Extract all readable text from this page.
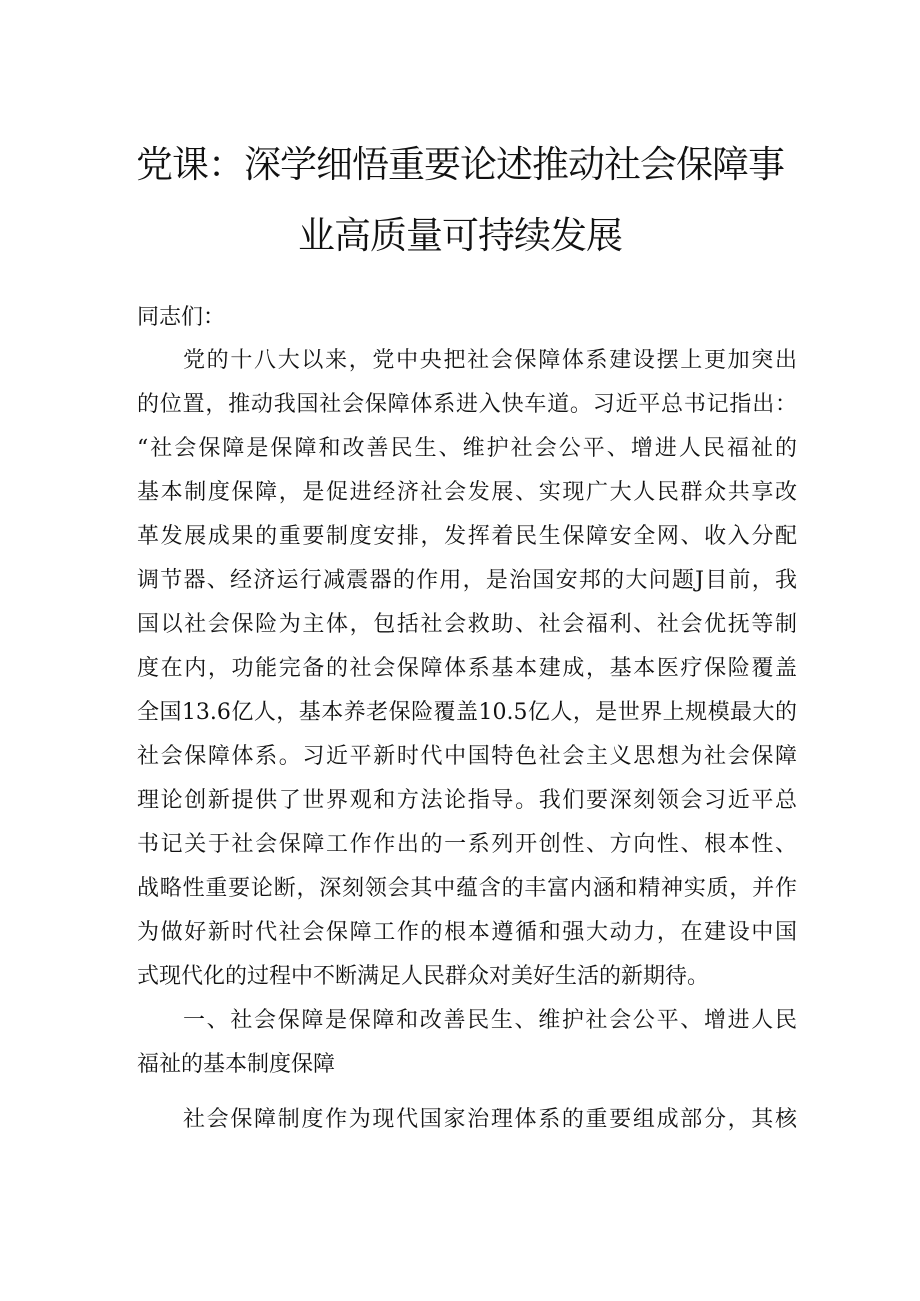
党课：深学细悟重要论述推动社会保障事
业高质量可持续发展
同志们：
党的十八大以来，党中央把社会保障体系建设摆上更加突出
的位置，推动我国社会保障体系进入快车道。习近平总书记指出：
“社会保障是保障和改善民生、维护社会公平、增进人民福祉的
基本制度保障，是促进经济社会发展、实现广大人民群众共享改
革发展成果的重要制度安排，发挥着民生保障安全网、收入分配
调节器、经济运行减震器的作用，是治国安邦的大问题J目前，我
国以社会保险为主体，包括社会救助、社会福利、社会优抚等制
度在内，功能完备的社会保障体系基本建成，基本医疗保险覆盖
全国13.6亿人，基本养老保险覆盖10.5亿人，是世界上规模最大的
社会保障体系。习近平新时代中国特色社会主义思想为社会保障
理论创新提供了世界观和方法论指导。我们要深刻领会习近平总
书记关于社会保障工作作出的一系列开创性、方向性、根本性、
战略性重要论断，深刻领会其中蕴含的丰富内涵和精神实质，并作
为做好新时代社会保障工作的根本遵循和强大动力，在建设中国
式现代化的过程中不断满足人民群众对美好生活的新期待。
一、社会保障是保障和改善民生、维护社会公平、增进人民
福祉的基本制度保障
社会保障制度作为现代国家治理体系的重要组成部分，其核
